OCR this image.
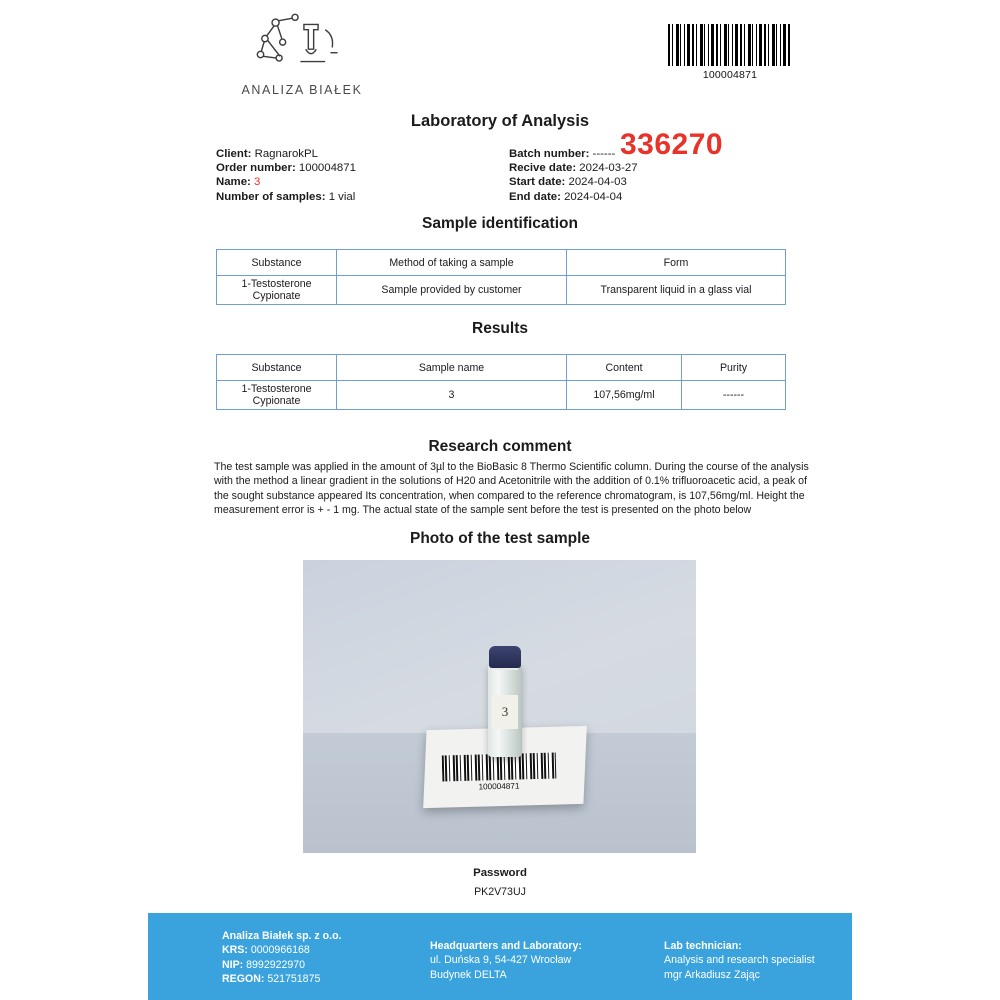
ANALIZA BIAŁEK
100004871
Laboratory of Analysis
336270
Client: RagnarokPL
Order number: 100004871
Name: 3
Number of samples: 1 vial
Batch number: ------
Recive date: 2024-03-27
Start date: 2024-04-03
End date: 2024-04-04
Sample identification
Substance	Method of taking a sample	Form
1-Testosterone Cypionate	Sample provided by customer	Transparent liquid in a glass vial
Results
Substance	Sample name	Content	Purity
1-Testosterone Cypionate	3	107,56mg/ml	------
Research comment
The test sample was applied in the amount of 3µl to the BioBasic 8 Thermo Scientific column. During the course of the analysis with the method a linear gradient in the solutions of H20 and Acetonitrile with the addition of 0.1% trifluoroacetic acid, a peak of the sought substance appeared Its concentration, when compared to the reference chromatogram, is 107,56mg/ml. Height the measurement error is + - 1 mg. The actual state of the sample sent before the test is presented on the photo below
Photo of the test sample
100004871
3
Password
PK2V73UJ
Analiza Białek sp. z o.o.
KRS: 0000966168
NIP: 8992922970
REGON: 521751875
Headquarters and Laboratory:
ul. Duńska 9, 54-427 Wrocław
Budynek DELTA
Lab technician:
Analysis and research specialist
mgr Arkadiusz Zając
